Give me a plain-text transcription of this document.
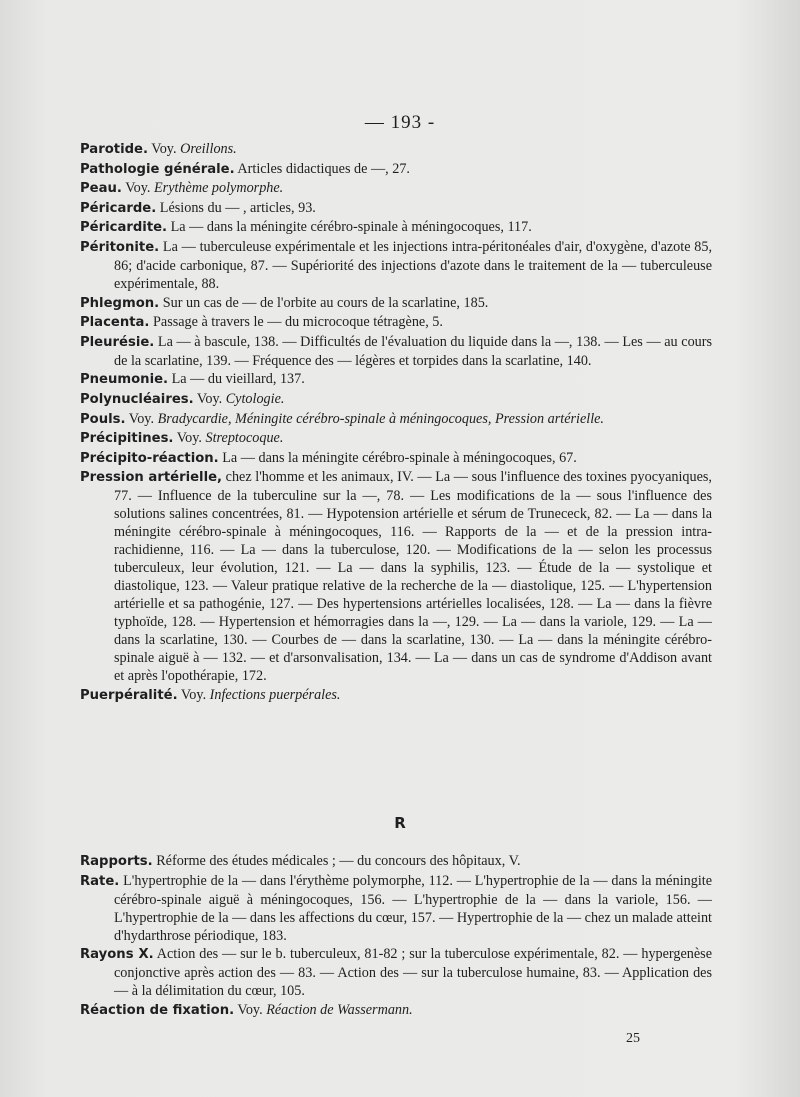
— 193 -

Parotide. Voy. Oreillons.

Pathologie générale. Articles didactiques de —, 27.

Peau. Voy. Erythème polymorphe.

Péricarde. Lésions du — , articles, 93.

Péricardite. La — dans la méningite cérébro-spinale à méningocoques, 117.

Péritonite. La — tuberculeuse expérimentale et les injections intra-péritonéales d'air, d'oxygène, d'azote 85, 86; d'acide carbonique, 87. — Supériorité des injections d'azote dans le traitement de la — tuberculeuse expérimentale, 88.

Phlegmon. Sur un cas de — de l'orbite au cours de la scarlatine, 185.

Placenta. Passage à travers le — du microcoque tétragène, 5.

Pleurésie. La — à bascule, 138. — Difficultés de l'évaluation du liquide dans la —, 138. — Les — au cours de la scarlatine, 139. — Fréquence des — légères et torpides dans la scarlatine, 140.

Pneumonie. La — du vieillard, 137.

Polynucléaires. Voy. Cytologie.

Pouls. Voy. Bradycardie, Méningite cérébro-spinale à méningocoques, Pression artérielle.

Précipitines. Voy. Streptocoque.

Précipito-réaction. La — dans la méningite cérébro-spinale à méningocoques, 67.

Pression artérielle, chez l'homme et les animaux, IV. — La — sous l'influence des toxines pyocyaniques, 77. — Influence de la tuberculine sur la —, 78. — Les modifications de la — sous l'influence des solutions salines concentrées, 81. — Hypotension artérielle et sérum de Trunececk, 82. — La — dans la méningite cérébro-spinale à méningocoques, 116. — Rapports de la — et de la pression intra-rachidienne, 116. — La — dans la tuberculose, 120. — Modifications de la — selon les processus tuberculeux, leur évolution, 121. — La — dans la syphilis, 123. — Étude de la — systolique et diastolique, 123. — Valeur pratique relative de la recherche de la — diastolique, 125. — L'hypertension artérielle et sa pathogénie, 127. — Des hypertensions artérielles localisées, 128. — La — dans la fièvre typhoïde, 128. — Hypertension et hémorragies dans la —, 129. — La — dans la variole, 129. — La — dans la scarlatine, 130. — Courbes de — dans la scarlatine, 130. — La — dans la méningite cérébro-spinale aiguë à — 132. — et d'arsonvalisation, 134. — La — dans un cas de syndrome d'Addison avant et après l'opothérapie, 172.

Puerpéralité. Voy. Infections puerpérales.

R

Rapports. Réforme des études médicales ; — du concours des hôpitaux, V.

Rate. L'hypertrophie de la — dans l'érythème polymorphe, 112. — L'hypertrophie de la — dans la méningite cérébro-spinale aiguë à méningocoques, 156. — L'hypertrophie de la — dans la variole, 156. — L'hypertrophie de la — dans les affections du cœur, 157. — Hypertrophie de la — chez un malade atteint d'hydarthrose périodique, 183.

Rayons X. Action des — sur le b. tuberculeux, 81-82 ; sur la tuberculose expérimentale, 82. — hypergenèse conjonctive après action des — 83. — Action des — sur la tuberculose humaine, 83. — Application des — à la délimitation du cœur, 105.

Réaction de fixation. Voy. Réaction de Wassermann.

25
